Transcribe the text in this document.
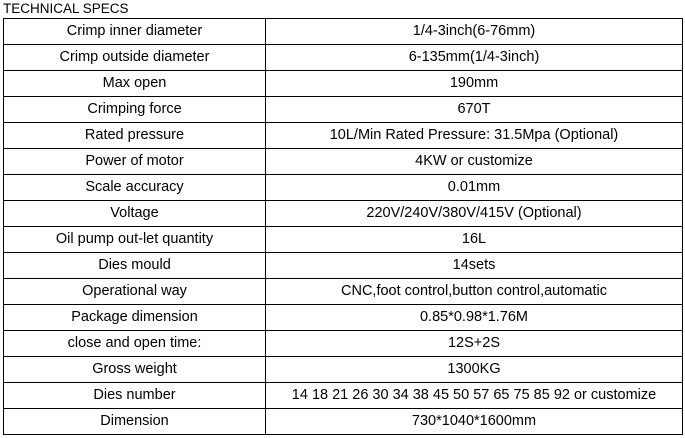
TECHNICAL SPECS
Crimp inner diameter	1/4-3inch(6-76mm)
Crimp outside diameter	6-135mm(1/4-3inch)
Max open	190mm
Crimping force	670T
Rated pressure	10L/Min Rated Pressure: 31.5Mpa (Optional)
Power of motor	4KW or customize
Scale accuracy	0.01mm
Voltage	220V/240V/380V/415V (Optional)
Oil pump out-let quantity	16L
Dies mould	14sets
Operational way	CNC,foot control,button control,automatic
Package dimension	0.85*0.98*1.76M
close and open time:	12S+2S
Gross weight	1300KG
Dies number	14 18 21 26 30 34 38 45 50 57 65 75 85 92 or customize
Dimension	730*1040*1600mm
